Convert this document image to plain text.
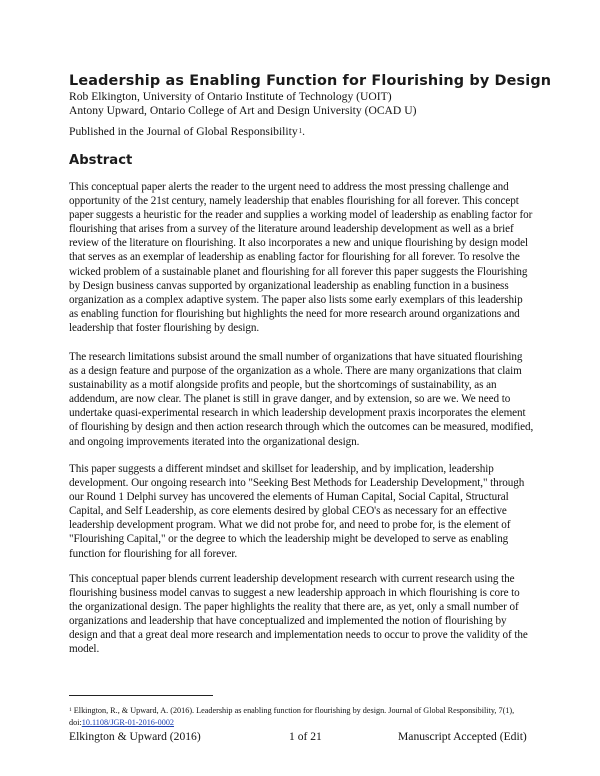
Leadership as Enabling Function for Flourishing by Design
Rob Elkington, University of Ontario Institute of Technology (UOIT)
Antony Upward, Ontario College of Art and Design University (OCAD U)
Published in the Journal of Global Responsibility$^1$.
Abstract

This conceptual paper alerts the reader to the urgent need to address the most pressing challenge and opportunity of the 21st century, namely leadership that enables flourishing for all forever. This concept paper suggests a heuristic for the reader and supplies a working model of leadership as enabling factor for flourishing that arises from a survey of the literature around leadership development as well as a brief review of the literature on flourishing. It also incorporates a new and unique flourishing by design model that serves as an exemplar of leadership as enabling factor for flourishing for all forever. To resolve the wicked problem of a sustainable planet and flourishing for all forever this paper suggests the Flourishing by Design business canvas supported by organizational leadership as enabling function in a business organization as a complex adaptive system. The paper also lists some early exemplars of this leadership as enabling function for flourishing but highlights the need for more research around organizations and leadership that foster flourishing by design.

The research limitations subsist around the small number of organizations that have situated flourishing as a design feature and purpose of the organization as a whole. There are many organizations that claim sustainability as a motif alongside profits and people, but the shortcomings of sustainability, as an addendum, are now clear. The planet is still in grave danger, and by extension, so are we. We need to undertake quasi-experimental research in which leadership development praxis incorporates the element of flourishing by design and then action research through which the outcomes can be measured, modified, and ongoing improvements iterated into the organizational design.

This paper suggests a different mindset and skillset for leadership, and by implication, leadership development. Our ongoing research into "Seeking Best Methods for Leadership Development," through our Round 1 Delphi survey has uncovered the elements of Human Capital, Social Capital, Structural Capital, and Self Leadership, as core elements desired by global CEO's as necessary for an effective leadership development program. What we did not probe for, and need to probe for, is the element of "Flourishing Capital," or the degree to which the leadership might be developed to serve as enabling function for flourishing for all forever.

This conceptual paper blends current leadership development research with current research using the flourishing business model canvas to suggest a new leadership approach in which flourishing is core to the organizational design. The paper highlights the reality that there are, as yet, only a small number of organizations and leadership that have conceptualized and implemented the notion of flourishing by design and that a great deal more research and implementation needs to occur to prove the validity of the model.

$^1$ Elkington, R., & Upward, A. (2016). Leadership as enabling function for flourishing by design. Journal of Global Responsibility, 7(1), doi:10.1108/JGR-01-2016-0002

Elkington & Upward (2016)	1 of 21	Manuscript Accepted (Edit)
